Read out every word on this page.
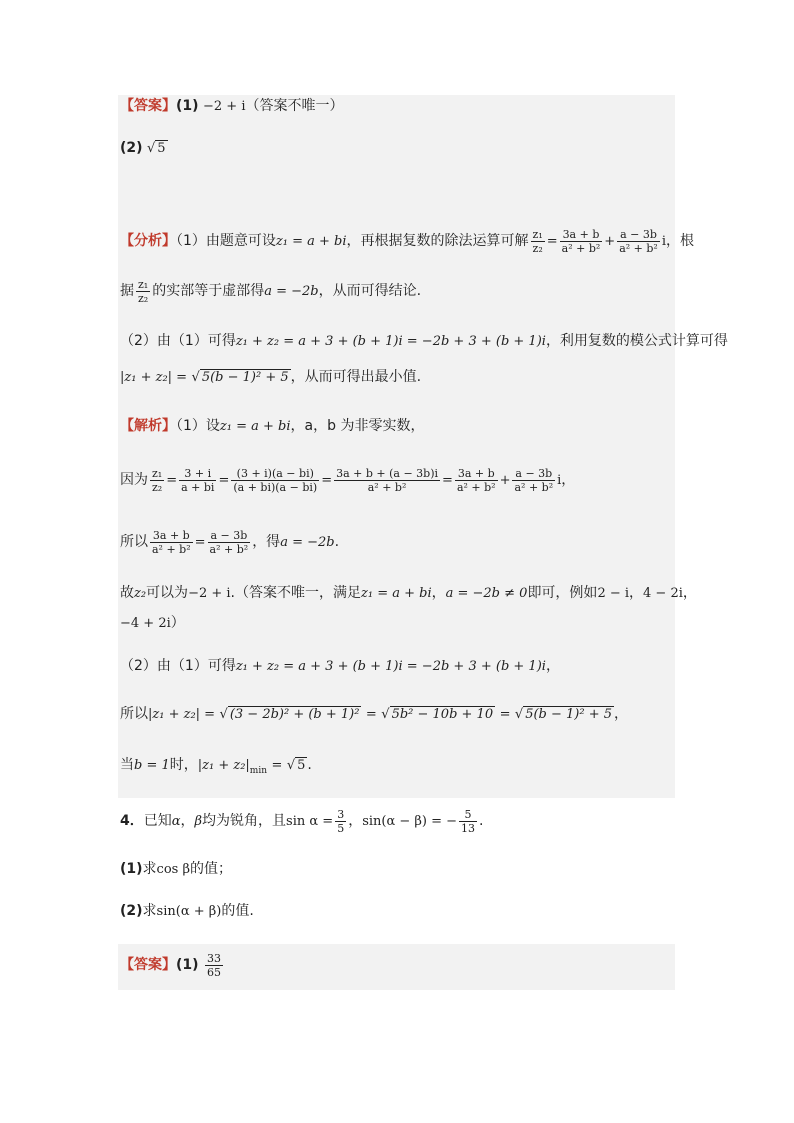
【答案】(1) −2 + i（答案不唯一）
(2) √ 5
【分析】（1）由题意可设z₁ = a + bi，再根据复数的除法运算可解 $\frac{\text{z₁}}{\text{z₂}} = \frac{3a + b}{\text{a² + b²}} + \frac{a - 3b}{\text{a² + b²}}$ i，根
据 $\frac{\text{z₁}}{\text{z₂}}$ 的实部等于虚部得a = −2b，从而可得结论.
（2）由（1）可得z₁ + z₂ = a + 3 + (b + 1)i = −2b + 3 + (b + 1)i，利用复数的模公式计算可得
|z₁ + z₂| = √ 5(b − 1)² + 5 ，从而可得出最小值.
【解析】（1）设z₁ = a + bi，a，b 为非零实数，
因为 $\frac{\text{z₁}}{\text{z₂}} = \frac{3 + i}{a + bi} = \frac{(3 + i)(a - bi)}{(a + bi)(a - bi)} = \frac{3a + b + (a - 3b)i}{\text{a² + b²}} = \frac{3a + b}{\text{a² + b²}} + \frac{a - 3b}{\text{a² + b²}}$ i，
所以 $\frac{3a + b}{\text{a² + b²}} = \frac{a - 3b}{\text{a² + b²}}$ ，得a = −2b.
故z₂可以为−2 + i.（答案不唯一，满足z₁ = a + bi，a = −2b ≠ 0即可，例如2 − i，4 − 2i，
−4 + 2i）
（2）由（1）可得z₁ + z₂ = a + 3 + (b + 1)i = −2b + 3 + (b + 1)i，
所以|z₁ + z₂| = √ (3 − 2b)² + (b + 1)² = √ 5b² − 10b + 10 = √ 5(b − 1)² + 5 ，
当b = 1时，$|z_1 + z_2|_{min}$ = √ 5 .
4．已知α，β均为锐角，且$\sin \alpha = \frac{3}{5}$ ，sin(α − β) = − $\frac{5}{13}$ .
(1)求cos β的值；
(2)求sin(α + β)的值.
【答案】$(1) \frac{33}{65}$
